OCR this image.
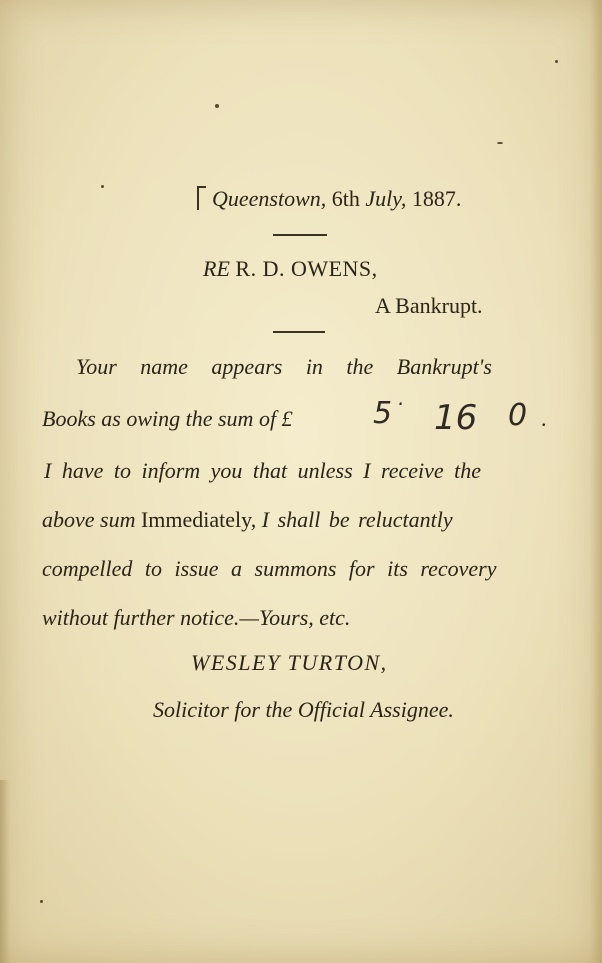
Queenstown, 6th July, 1887.
RE R. D. OWENS,
A Bankrupt.
Your name appears in the Bankrupt's
Books as owing the sum of £	5 · 16 0 .
I have to inform you that unless I receive the
above sum Immediately, I shall be reluctantly
compelled to issue a summons for its recovery
without further notice.—Yours, etc.
WESLEY TURTON,
Solicitor for the Official Assignee.
